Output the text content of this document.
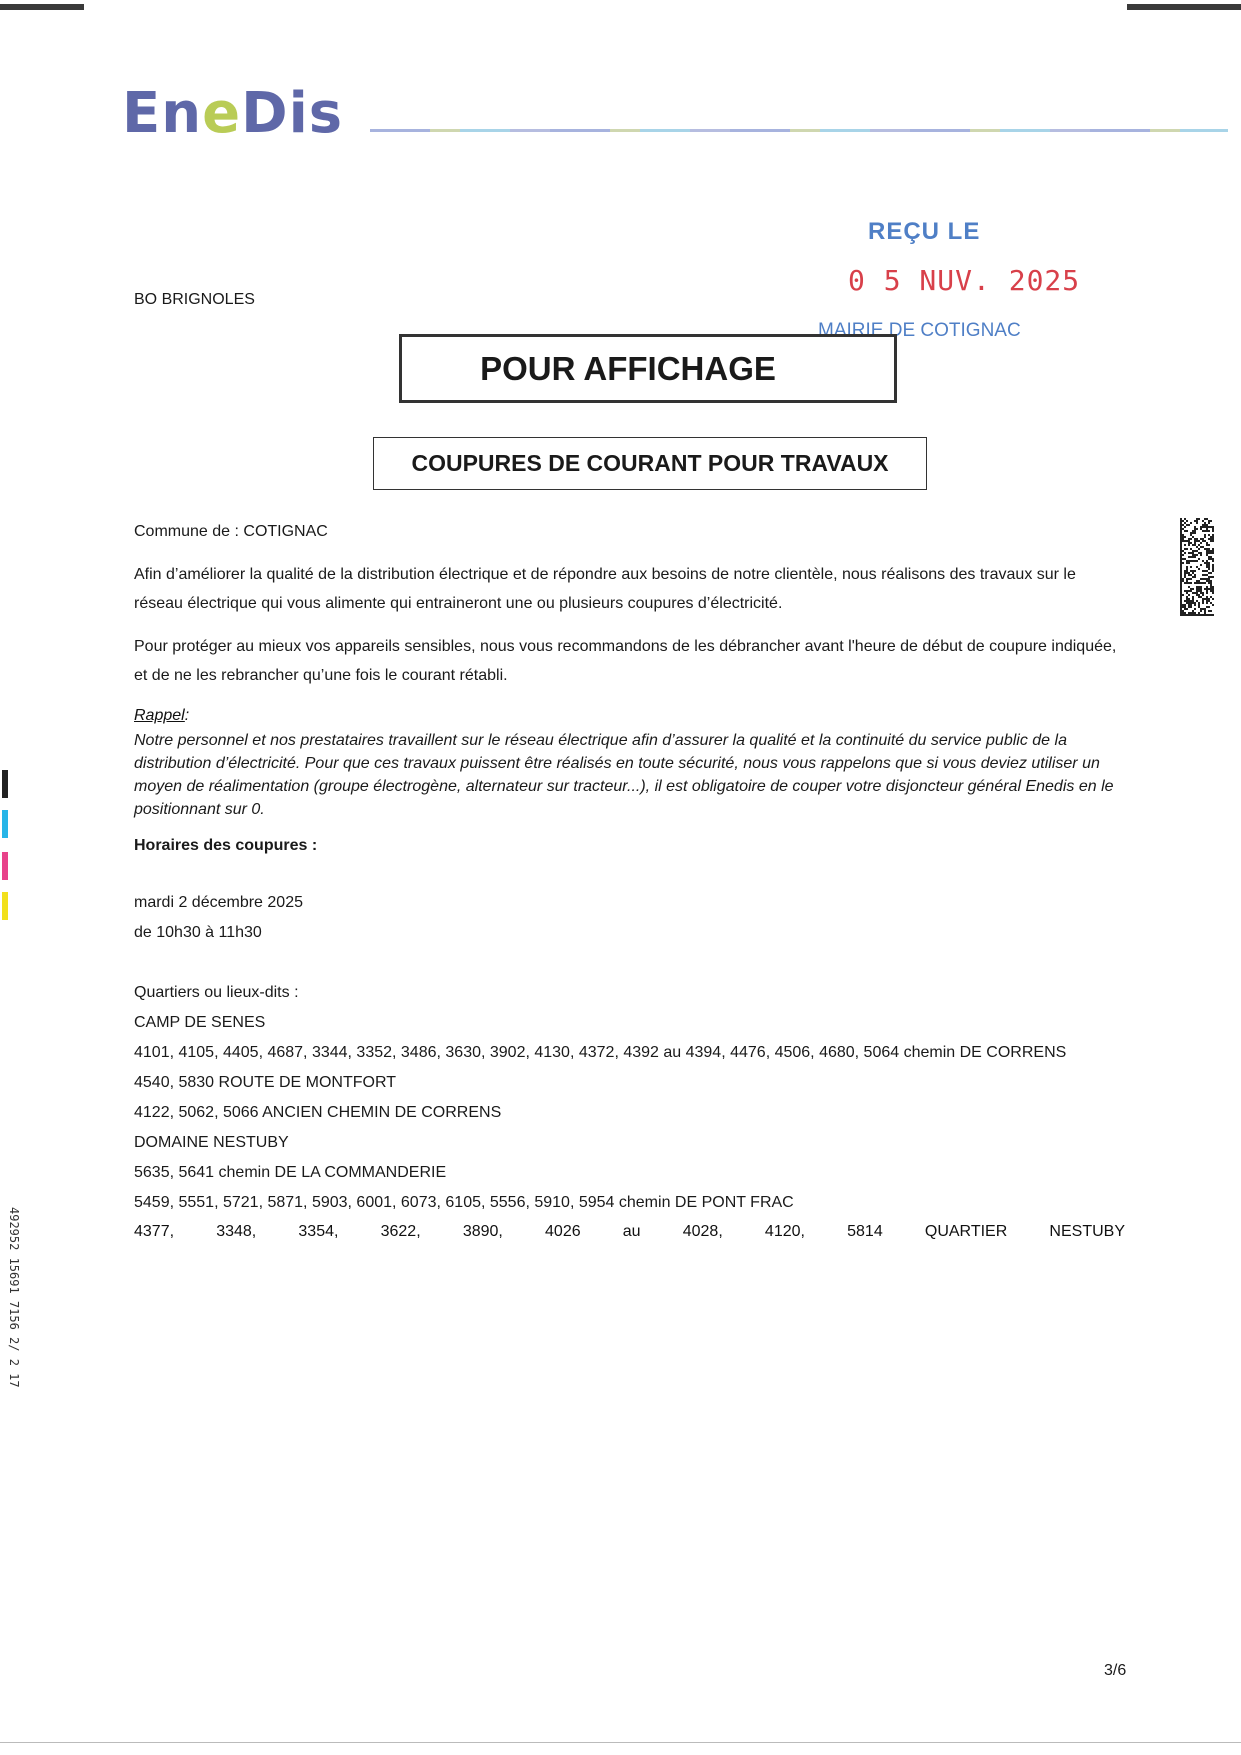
EneDis
REÇU LE
0 5 NUV. 2025
MAIRIE DE COTIGNAC
BO BRIGNOLES
POUR AFFICHAGE
COUPURES DE COURANT POUR TRAVAUX
Commune de : COTIGNAC
Afin d’améliorer la qualité de la distribution électrique et de répondre aux besoins de notre clientèle, nous réalisons des travaux sur le réseau électrique qui vous alimente qui entraineront une ou plusieurs coupures d’électricité.
Pour protéger au mieux vos appareils sensibles, nous vous recommandons de les débrancher avant l'heure de début de coupure indiquée, et de ne les rebrancher qu’une fois le courant rétabli.
Rappel:
Notre personnel et nos prestataires travaillent sur le réseau électrique afin d’assurer la qualité et la continuité du service public de la distribution d’électricité. Pour que ces travaux puissent être réalisés en toute sécurité, nous vous rappelons que si vous deviez utiliser un moyen de réalimentation (groupe électrogène, alternateur sur tracteur...), il est obligatoire de couper votre disjoncteur général Enedis en le positionnant sur 0.
Horaires des coupures :
mardi 2 décembre 2025
de 10h30 à 11h30
Quartiers ou lieux-dits :
CAMP DE SENES
4101, 4105, 4405, 4687, 3344, 3352, 3486, 3630, 3902, 4130, 4372, 4392 au 4394, 4476, 4506, 4680, 5064 chemin DE CORRENS
4540, 5830 ROUTE DE MONTFORT
4122, 5062, 5066 ANCIEN CHEMIN DE CORRENS
DOMAINE NESTUBY
5635, 5641 chemin DE LA COMMANDERIE
5459, 5551, 5721, 5871, 5903, 6001, 6073, 6105, 5556, 5910, 5954 chemin DE PONT FRAC
4377,	3348,	3354,	3622,	3890,	4026	au	4028,	4120,	5814	QUARTIER	NESTUBY
492952 15691 7156 2/ 2 17
3/6
